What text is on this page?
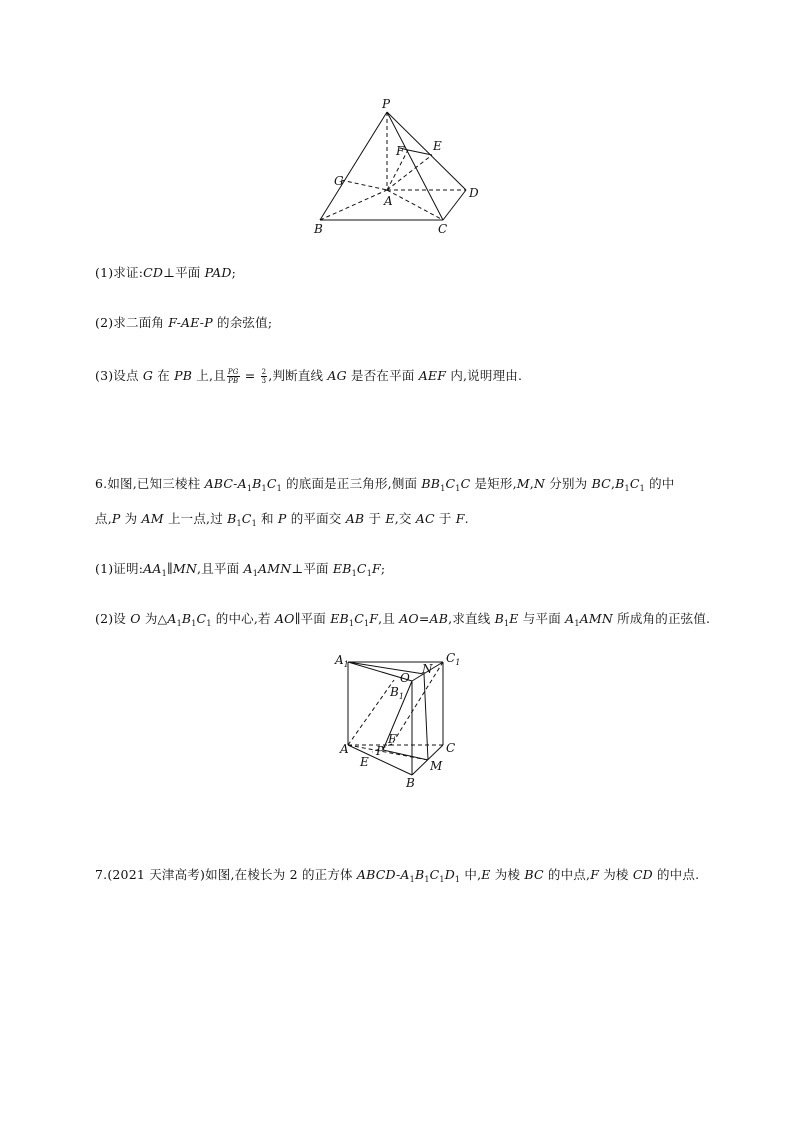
P
E
F
G
A
D
B	C
(1)求证:CD⊥平面 PAD;
(2)求二面角 F-AE-P 的余弦值;
(3)设点 G 在 PB 上,且 $\frac{PG}{PB} = \frac{2}{3}$ ,判断直线 AG 是否在平面 AEF 内,说明理由.
6.如图,已知三棱柱 ABC-$A_1B_1C_1$ 的底面是正三角形,侧面 $BB_1C_1C$ 是矩形,M,N 分别为 $BC,B_1C_1$ 的中
点,P 为 AM 上一点,过 $B_1C_1$ 和 P 的平面交 AB 于 E,交 AC 于 F.
(1)证明$:AA_1\parallel MN$,且平面 $A_1AMN\perp$平面 $EB_1C_1F$;
(2)设 O 为$\triangle A_1B_1C_1$ 的中心,若 AO∥平面 $EB_1C_1F$,且 AO=AB,求直线 $B_1E$ 与平面 $A_1AMN$ 所成角的正弦值.
$A_1$	$C_1$
O
N
$B_1$
A
F
P	C
E	M
B
7.(2021 天津高考)如图,在棱长为 2 的正方体 ABCD-$A_1B_1C_1D_1$ 中,E 为棱 BC 的中点,F 为棱 CD 的中点.
